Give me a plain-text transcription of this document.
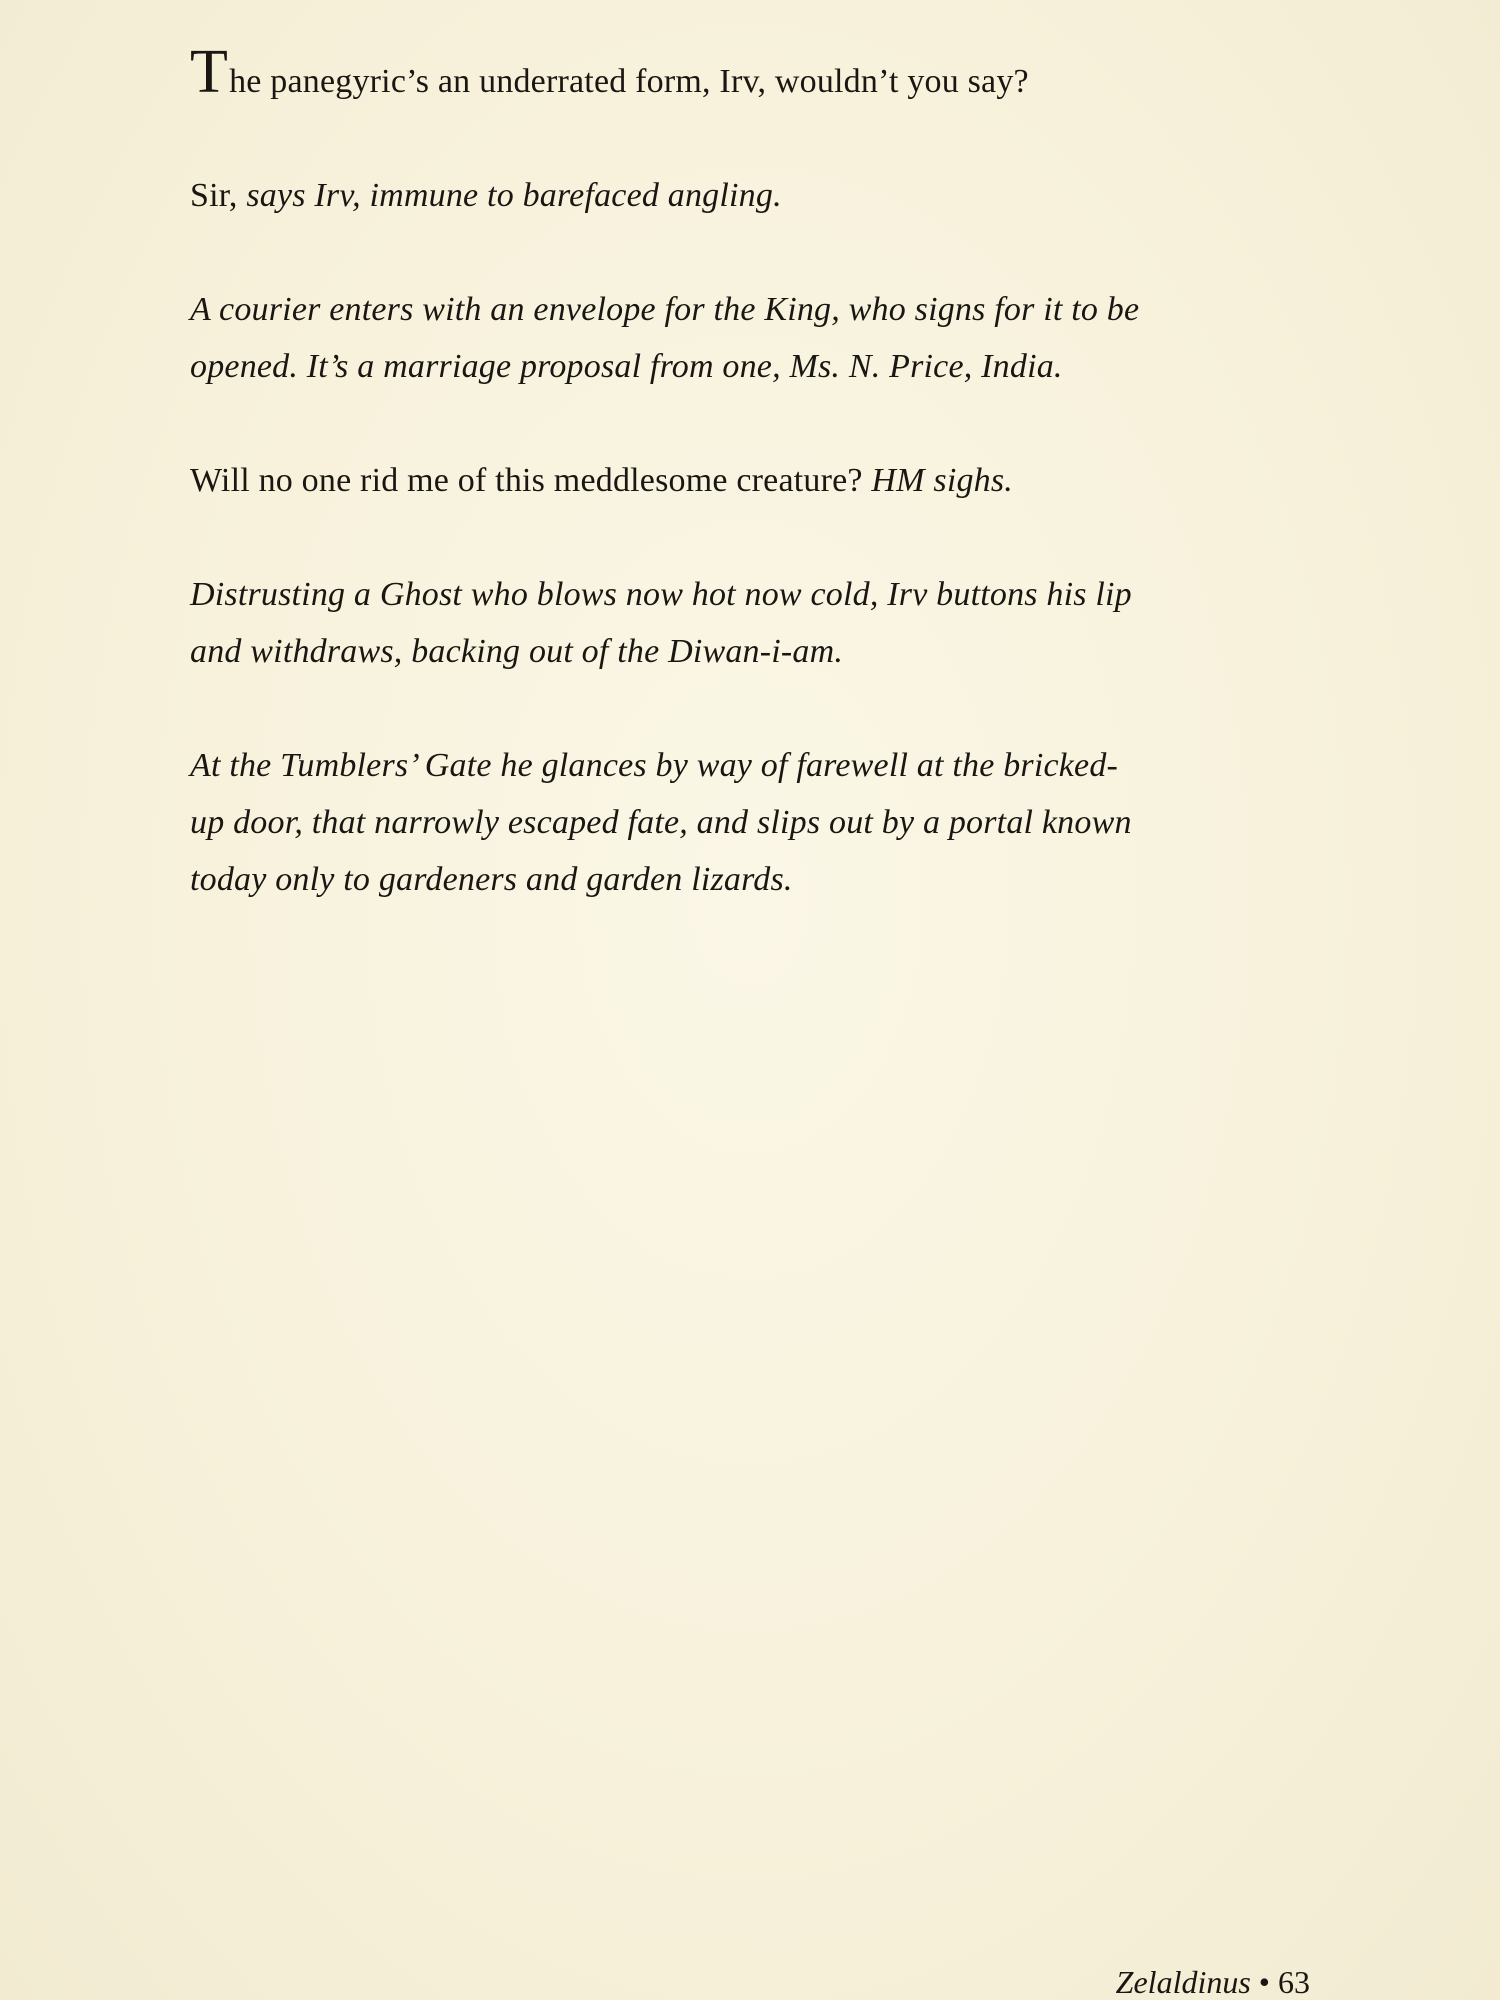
The panegyric’s an underrated form, Irv, wouldn’t you say?

Sir, says Irv, immune to barefaced angling.

A courier enters with an envelope for the King, who signs for it to be
opened. It’s a marriage proposal from one, Ms. N. Price, India.

Will no one rid me of this meddlesome creature? HM sighs.

Distrusting a Ghost who blows now hot now cold, Irv buttons his lip
and withdraws, backing out of the Diwan-i-am.

At the Tumblers’ Gate he glances by way of farewell at the bricked-
up door, that narrowly escaped fate, and slips out by a portal known
today only to gardeners and garden lizards.

Zelaldinus • 63
